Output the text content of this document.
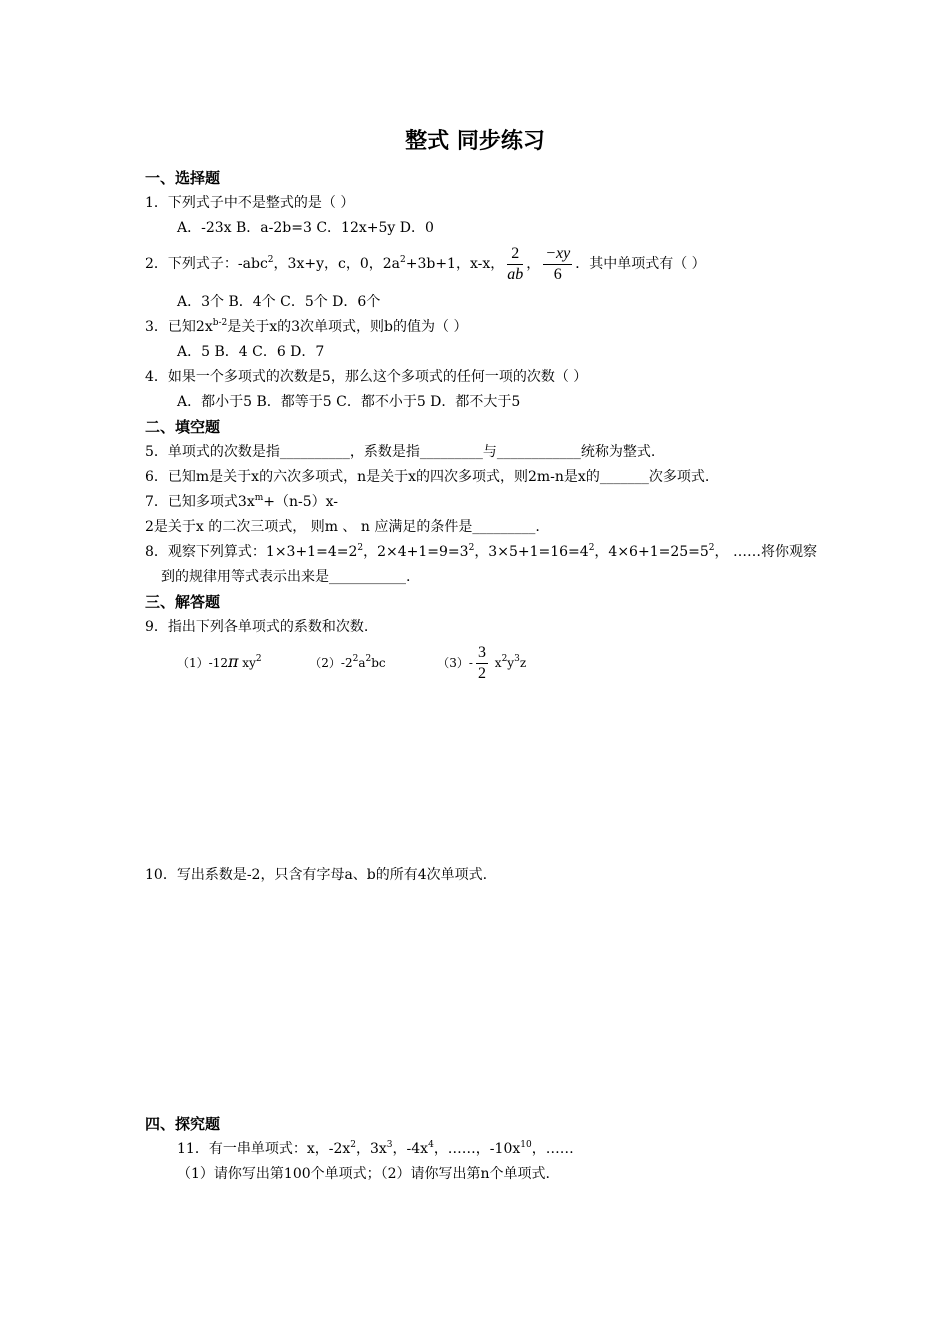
整式 同步练习
一、选择题
1．下列式子中不是整式的是（ ）
A．-23x B．a-2b=3 C．12x+5y D．0
2．下列式子：-abc$^2$，3x+y，c，0，$2a^2+3b+1$，x-x， $\frac{2}{ab}$ ， $\frac{-xy}{6}$ ．其中单项式有（ ）
A．3个 B．4个 C．5个 D．6个
3．已知$2x^{b-2}$是关于x的3次单项式，则b的值为（ ）
A．5 B．4 C．6 D．7
4．如果一个多项式的次数是5，那么这个多项式的任何一项的次数（ ）
A．都小于5 B．都等于5 C．都不小于5 D．都不大于5
二、填空题
5．单项式的次数是指__________，系数是指_________与____________统称为整式.
6．已知m是关于x的六次多项式，n是关于x的四次多项式，则2m-n是x的_______次多项式.
7．已知多项式$3x^m+(n-5)x-$
2是关于x 的二次三项式， 则m 、 n 应满足的条件是_________.
8．观察下列算式：$1\times 3+1=4=2^2$，$2\times 4+1=9=3^2$，$3\times 5+1=16=4^2$，$4\times 6+1=25=5^2$， ……将你观察
到的规律用等式表示出来是___________.
三、解答题
9．指出下列各单项式的系数和次数.
（1）-12π $xy^2$	$(2)-2^2a^2bc$	$(3)- \frac{3}{2} x^2y^3z$
10．写出系数是-2，只含有字母a、b的所有4次单项式.
四、探究题
11．有一串单项式：x，$-2x^2$，$3x^3$，$-4x^4$，……，$-10x^{10}$，……
（1）请你写出第100个单项式；（2）请你写出第n个单项式.
